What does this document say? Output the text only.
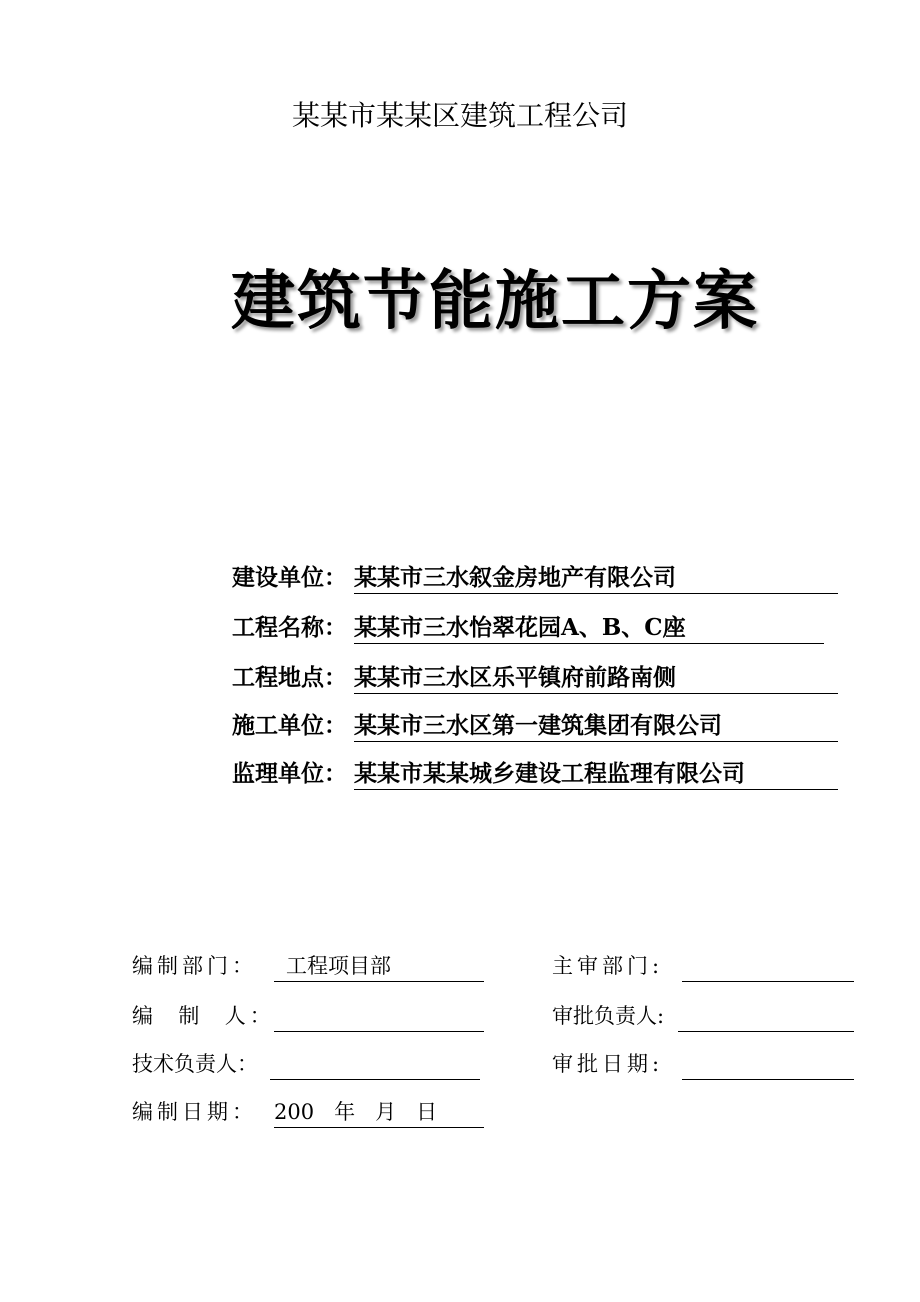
某某市某某区建筑工程公司
建筑节能施工方案
建设单位： 某某市三水叙金房地产有限公司
工程名称： 某某市三水怡翠花园A、B、C座
工程地点： 某某市三水区乐平镇府前路南侧
施工单位： 某某市三水区第一建筑集团有限公司
监理单位： 某某市某某城乡建设工程监理有限公司
编制部门：	工程项目部
编  制  人：
技术负责人：
编制日期： 200   年   月   日
主审部门:
审批负责人:
审批日期:
